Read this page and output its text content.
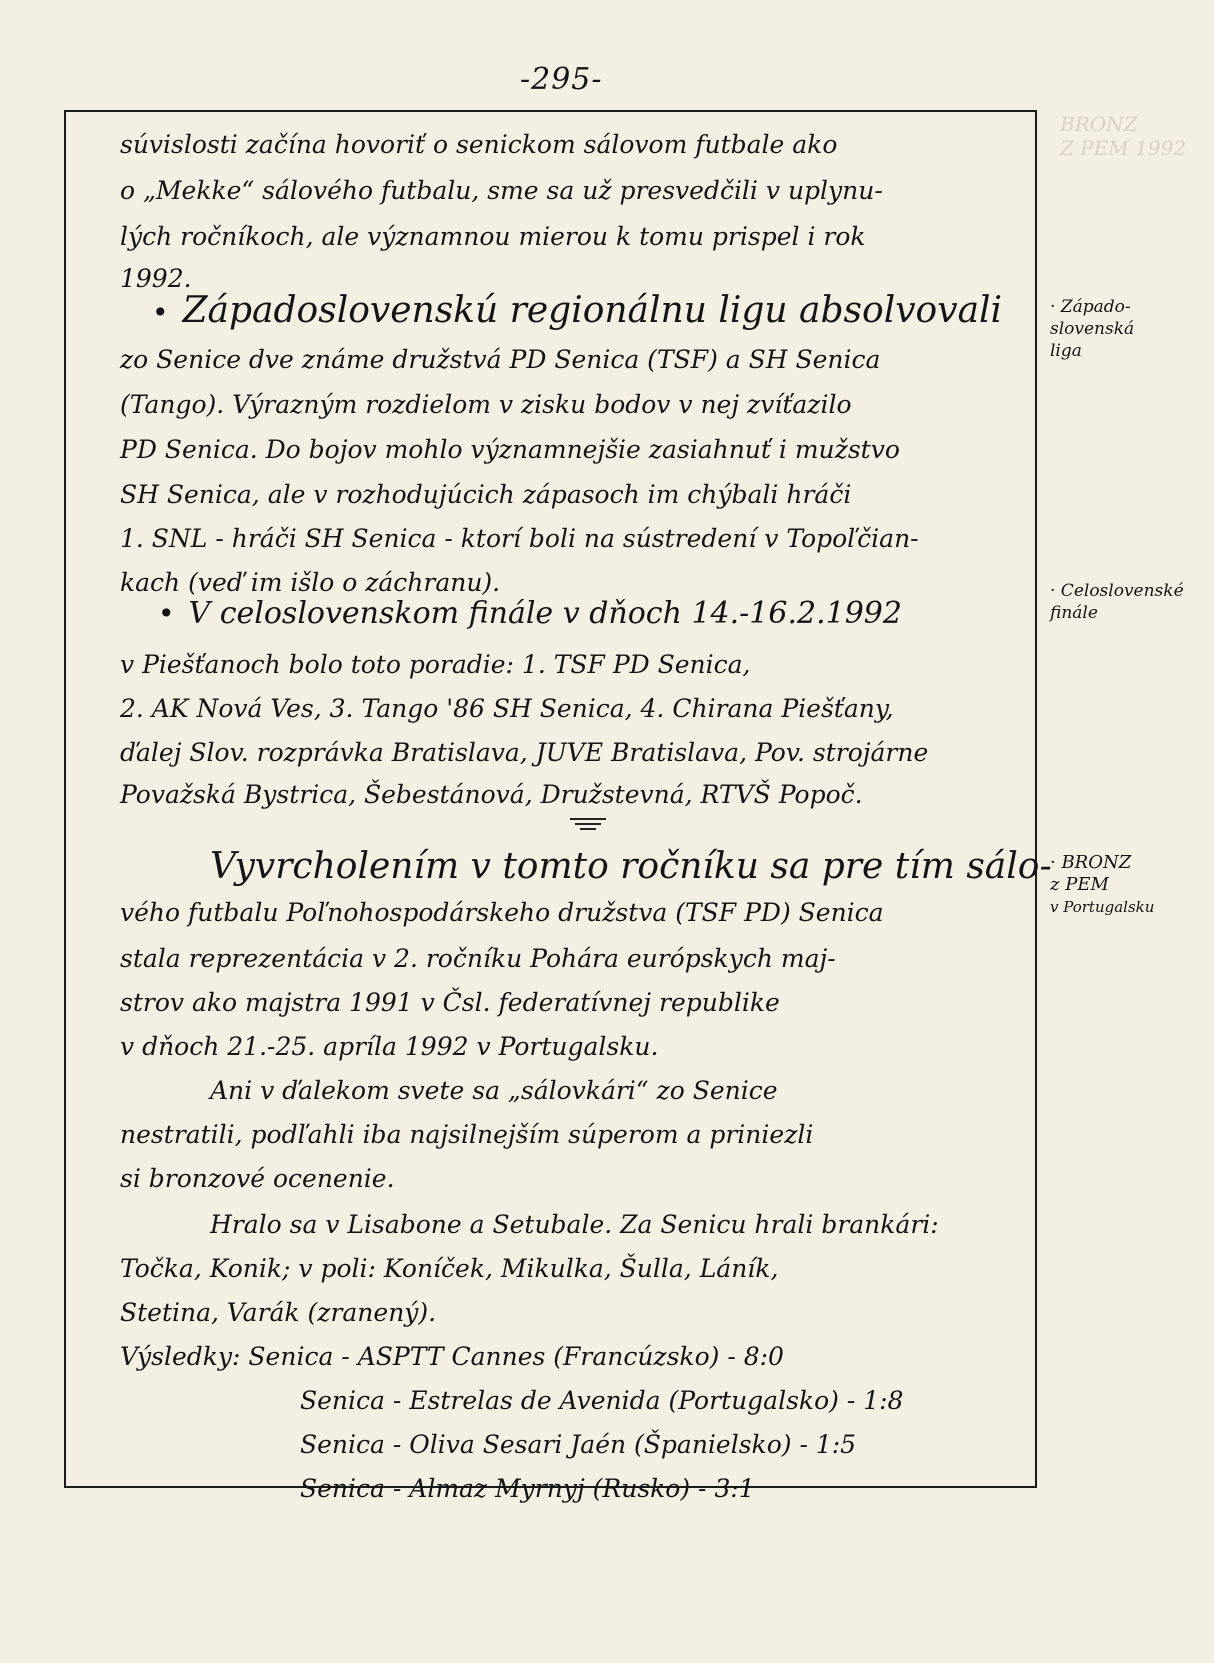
-295-
BRONZ
Z PEM 1992
súvislosti začína hovoriť o senickom sálovom futbale ako
o „Mekke“ sálového futbalu, sme sa už presvedčili v uplynu-
lých ročníkoch, ale významnou mierou k tomu prispel i rok
1992.
• Západoslovenskú regionálnu ligu absolvovali
zo Senice dve známe družstvá PD Senica (TSF) a SH Senica
(Tango). Výrazným rozdielom v zisku bodov v nej zvíťazilo
PD Senica. Do bojov mohlo významnejšie zasiahnuť i mužstvo
SH Senica, ale v rozhodujúcich zápasoch im chýbali hráči
1. SNL - hráči SH Senica - ktorí boli na sústredení v Topoľčian-
kach (veď im išlo o záchranu).
• V celoslovenskom finále v dňoch 14.-16.2.1992
v Piešťanoch bolo toto poradie: 1. TSF PD Senica,
2. AK Nová Ves, 3. Tango '86 SH Senica, 4. Chirana Piešťany,
ďalej Slov. rozprávka Bratislava, JUVE Bratislava, Pov. strojárne
Považská Bystrica, Šebestánová, Družstevná, RTVŠ Popoč.
Vyvrcholením v tomto ročníku sa pre tím sálo-
vého futbalu Poľnohospodárskeho družstva (TSF PD) Senica
stala reprezentácia v 2. ročníku Pohára európskych maj-
strov ako majstra 1991 v Čsl. federatívnej republike
v dňoch 21.-25. apríla 1992 v Portugalsku.
Ani v ďalekom svete sa „sálovkári“ zo Senice
nestratili, podľahli iba najsilnejším súperom a priniezli
si bronzové ocenenie.
Hralo sa v Lisabone a Setubale. Za Senicu hrali brankári:
Točka, Konik; v poli: Koníček, Mikulka, Šulla, Láník,
Stetina, Varák (zranený).
Výsledky: Senica - ASPTT Cannes (Francúzsko) - 8:0
Senica - Estrelas de Avenida (Portugalsko) - 1:8
Senica - Oliva Sesari Jaén (Španielsko) - 1:5
Senica - Almaz Myrnyj (Rusko) - 3:1
· Západo-
slovenská
liga
· Celoslovenské
finále
· BRONZ
z PEM
v Portugalsku
